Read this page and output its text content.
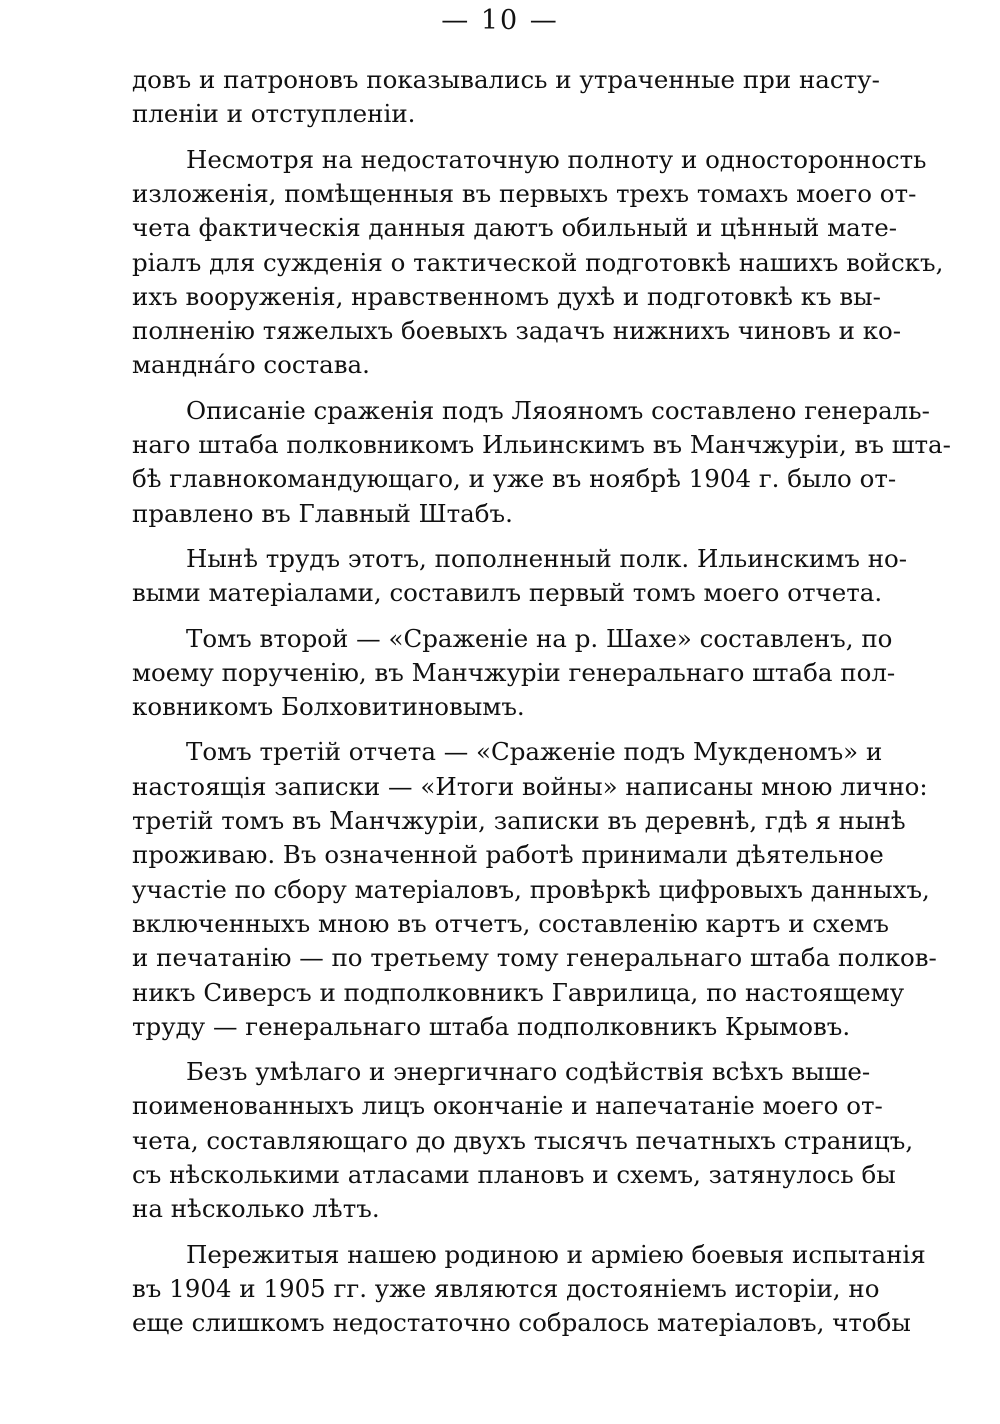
— 10 —
довъ и патроновъ показывались и утраченные при насту-
пленіи и отступленіи.
Несмотря на недостаточную полноту и односторонность
изложенія, помѣщенныя въ первыхъ трехъ томахъ моего от-
чета фактическія данныя даютъ обильный и цѣнный мате-
ріалъ для сужденія о тактической подготовкѣ нашихъ войскъ,
ихъ вооруженія, нравственномъ духѣ и подготовкѣ къ вы-
полненію тяжелыхъ боевыхъ задачъ нижнихъ чиновъ и ко-
мандна́го состава.
Описаніе сраженія подъ Ляояномъ составлено генераль-
наго штаба полковникомъ Ильинскимъ въ Манчжуріи, въ шта-
бѣ главнокомандующаго, и уже въ ноябрѣ 1904 г. было от-
правлено въ Главный Штабъ.
Нынѣ трудъ этотъ, пополненный полк. Ильинскимъ но-
выми матеріалами, составилъ первый томъ моего отчета.
Томъ второй — «Сраженіе на р. Шахе» составленъ, по
моему порученію, въ Манчжуріи генеральнаго штаба пол-
ковникомъ Болховитиновымъ.
Томъ третій отчета — «Сраженіе подъ Мукденомъ» и
настоящія записки — «Итоги войны» написаны мною лично:
третій томъ въ Манчжуріи, записки въ деревнѣ, гдѣ я нынѣ
проживаю. Въ означенной работѣ принимали дѣятельное
участіе по сбору матеріаловъ, провѣркѣ цифровыхъ данныхъ,
включенныхъ мною въ отчетъ, составленію картъ и схемъ
и печатанію — по третьему тому генеральнаго штаба полков-
никъ Сиверсъ и подполковникъ Гаврилица, по настоящему
труду — генеральнаго штаба подполковникъ Крымовъ.
Безъ умѣлаго и энергичнаго содѣйствія всѣхъ выше-
поименованныхъ лицъ окончаніе и напечатаніе моего от-
чета, составляющаго до двухъ тысячъ печатныхъ страницъ,
съ нѣсколькими атласами плановъ и схемъ, затянулось бы
на нѣсколько лѣтъ.
Пережитыя нашею родиною и арміею боевыя испытанія
въ 1904 и 1905 гг. уже являются достояніемъ исторіи, но
еще слишкомъ недостаточно собралось матеріаловъ, чтобы
